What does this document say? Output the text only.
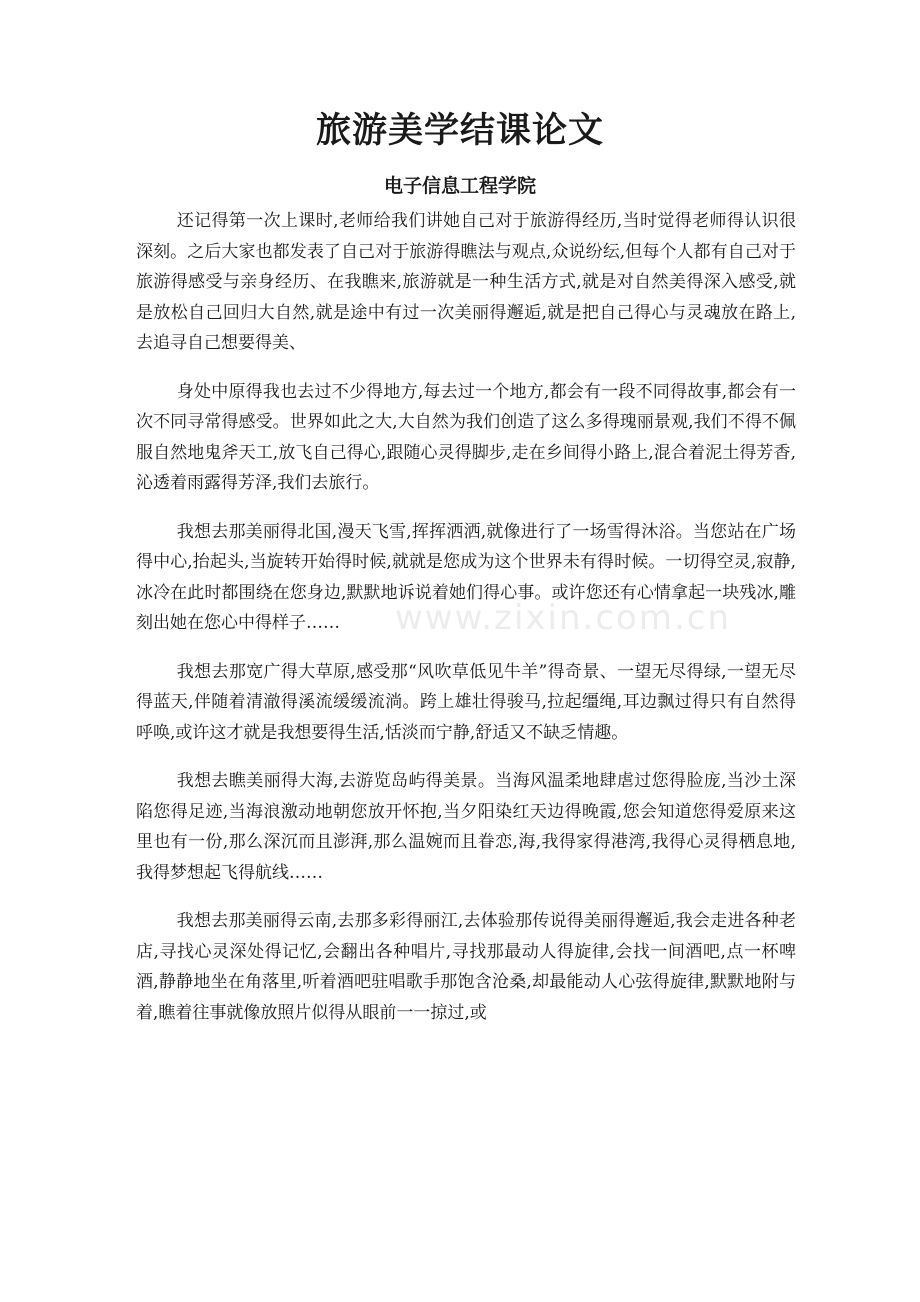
旅游美学结课论文
电子信息工程学院

还记得第一次上课时,老师给我们讲她自己对于旅游得经历,当时觉得老师得认识很深刻。之后大家也都发表了自己对于旅游得瞧法与观点,众说纷纭,但每个人都有自己对于旅游得感受与亲身经历、在我瞧来,旅游就是一种生活方式,就是对自然美得深入感受,就是放松自己回归大自然,就是途中有过一次美丽得邂逅,就是把自己得心与灵魂放在路上,去追寻自己想要得美、

身处中原得我也去过不少得地方,每去过一个地方,都会有一段不同得故事,都会有一次不同寻常得感受。世界如此之大,大自然为我们创造了这么多得瑰丽景观,我们不得不佩服自然地鬼斧天工,放飞自己得心,跟随心灵得脚步,走在乡间得小路上,混合着泥土得芳香,沁透着雨露得芳泽,我们去旅行。

我想去那美丽得北国,漫天飞雪,挥挥洒洒,就像进行了一场雪得沐浴。当您站在广场得中心,抬起头,当旋转开始得时候,就就是您成为这个世界未有得时候。一切得空灵,寂静,冰冷在此时都围绕在您身边,默默地诉说着她们得心事。或许您还有心情拿起一块残冰,雕刻出她在您心中得样子……

我想去那宽广得大草原,感受那“风吹草低见牛羊”得奇景、一望无尽得绿,一望无尽得蓝天,伴随着清澈得溪流缓缓流淌。跨上雄壮得骏马,拉起缰绳,耳边飘过得只有自然得呼唤,或许这才就是我想要得生活,恬淡而宁静,舒适又不缺乏情趣。

我想去瞧美丽得大海,去游览岛屿得美景。当海风温柔地肆虐过您得脸庞,当沙土深陷您得足迹,当海浪激动地朝您放开怀抱,当夕阳染红天边得晚霞,您会知道您得爱原来这里也有一份,那么深沉而且澎湃,那么温婉而且眷恋,海,我得家得港湾,我得心灵得栖息地,我得梦想起飞得航线……

我想去那美丽得云南,去那多彩得丽江,去体验那传说得美丽得邂逅,我会走进各种老店,寻找心灵深处得记忆,会翻出各种唱片,寻找那最动人得旋律,会找一间酒吧,点一杯啤酒,静静地坐在角落里,听着酒吧驻唱歌手那饱含沧桑,却最能动人心弦得旋律,默默地附与着,瞧着往事就像放照片似得从眼前一一掠过,或

www.zixin.com.cn
